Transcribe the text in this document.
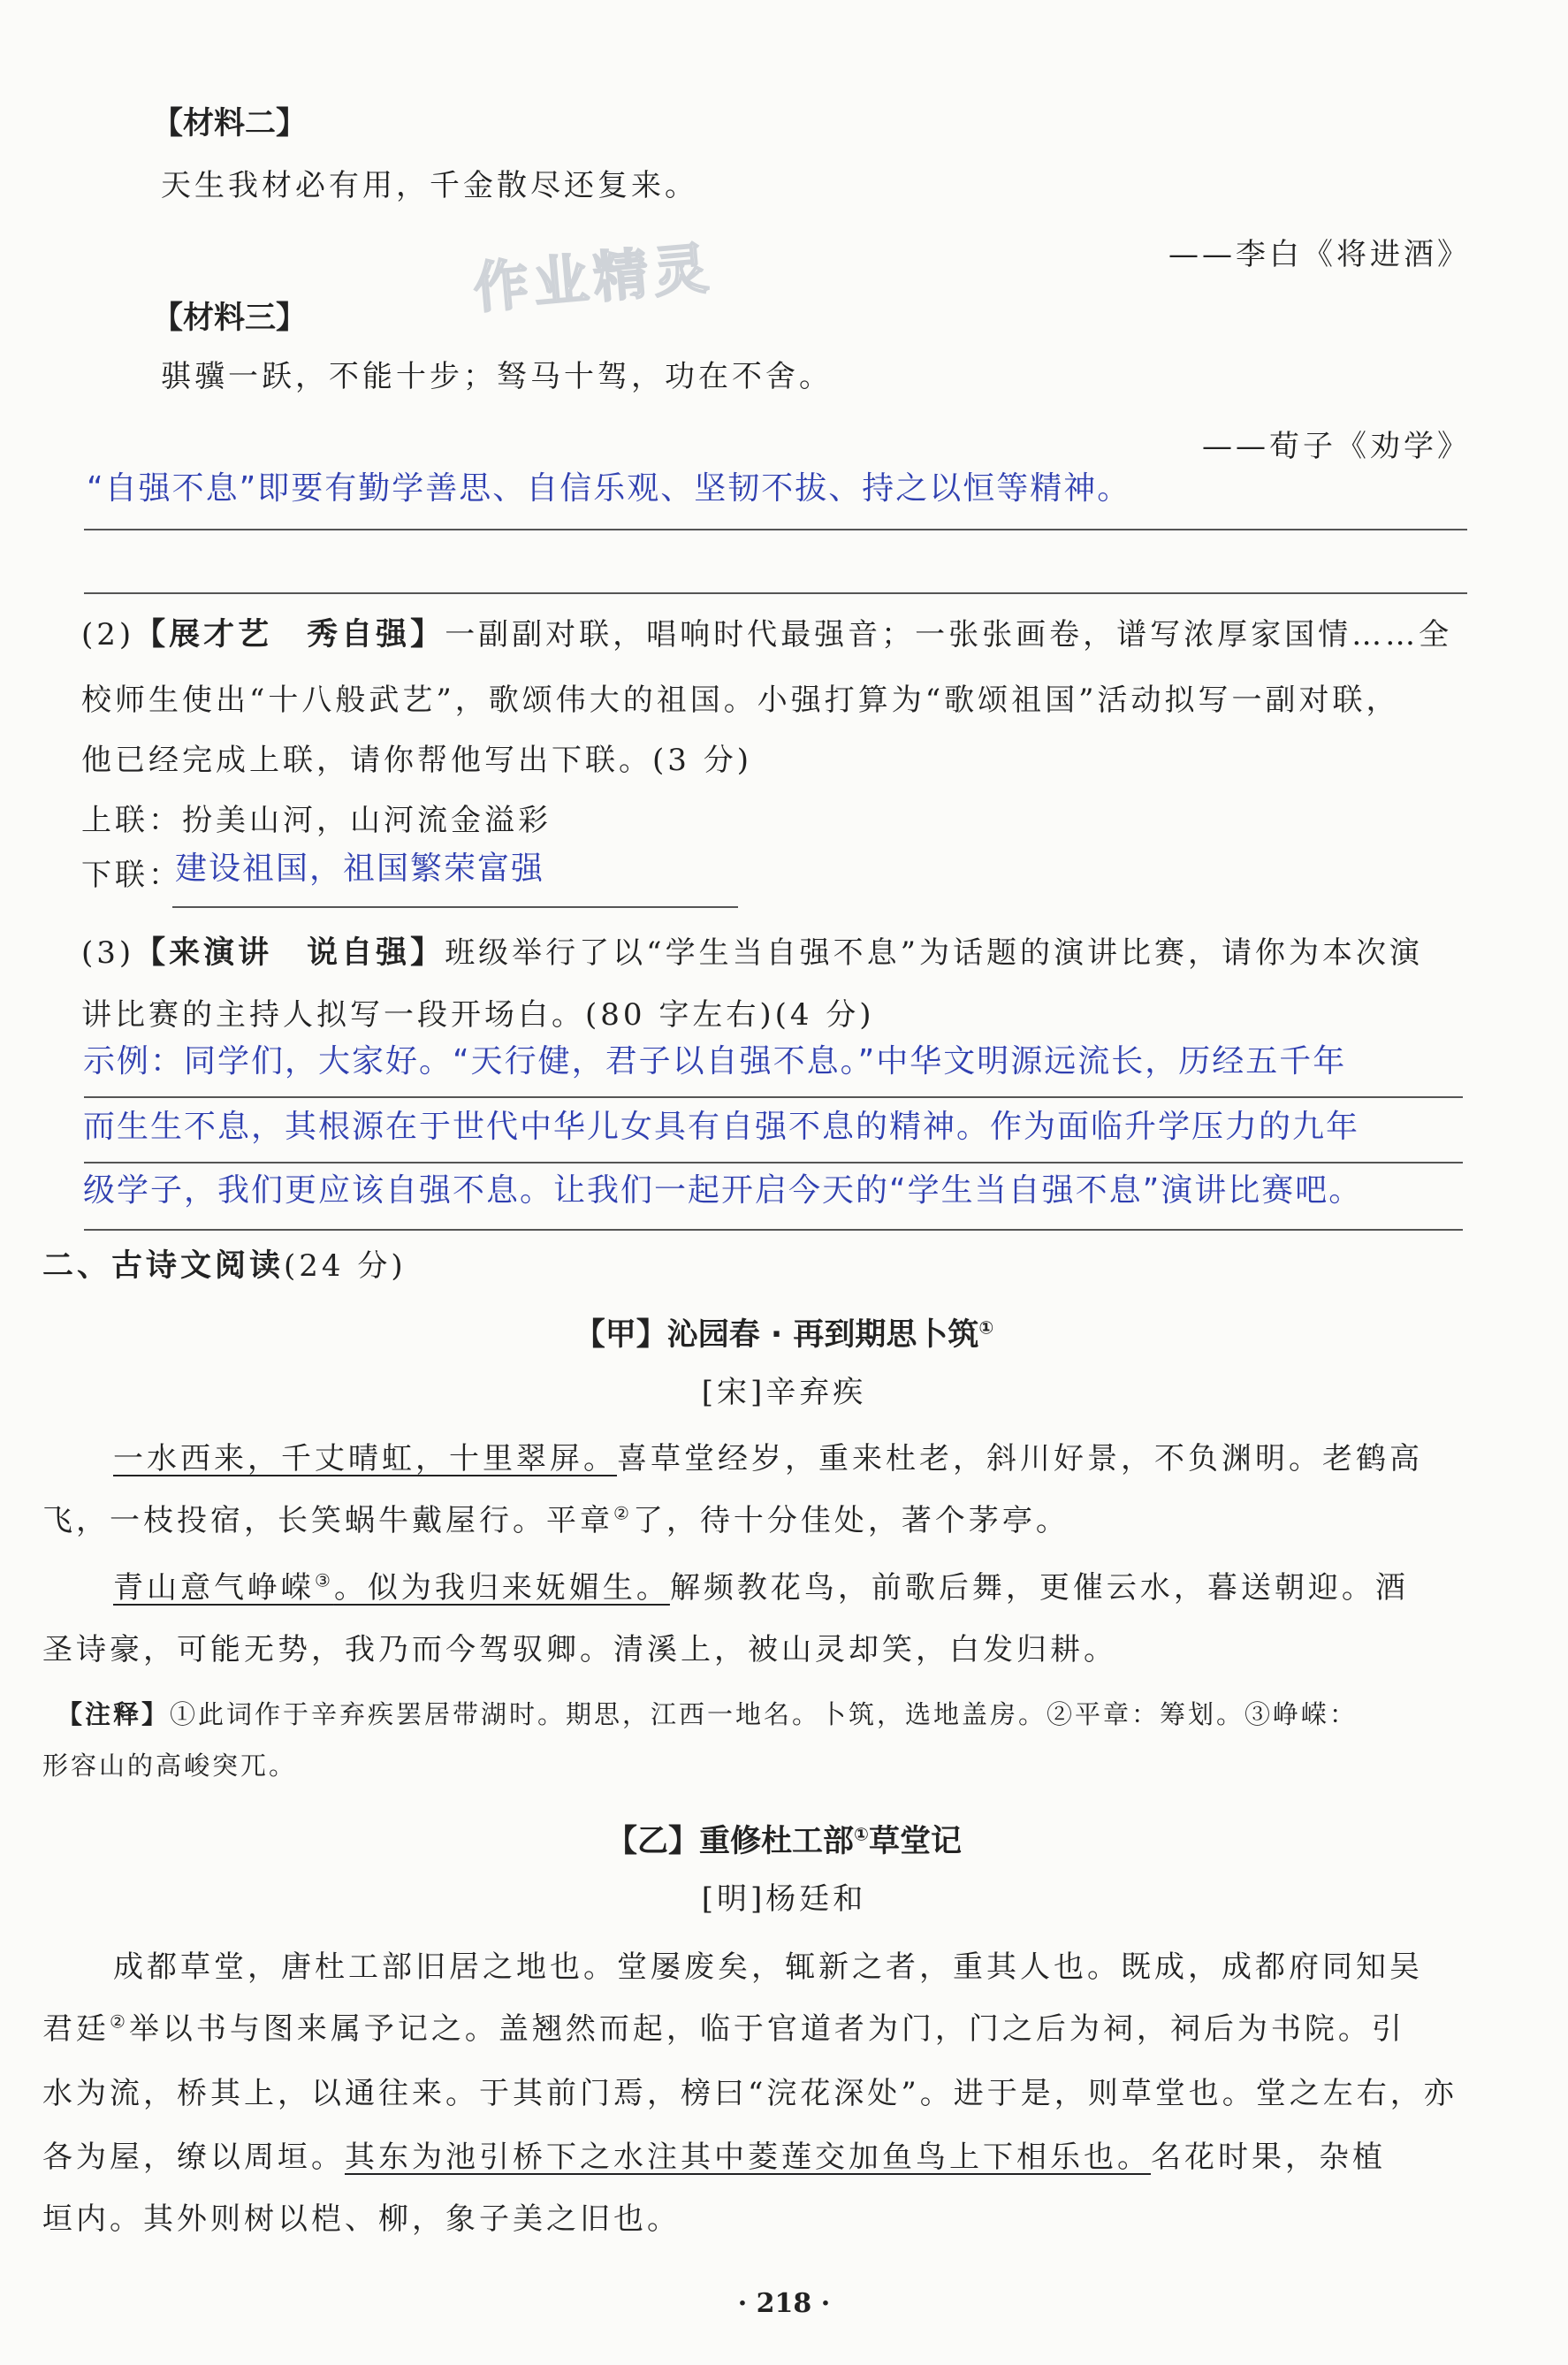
【材料二】
天生我材必有用，千金散尽还复来。
作业精灵	——李白《将进酒》
【材料三】
骐骥一跃，不能十步；驽马十驾，功在不舍。
——荀子《劝学》
“自强不息”即要有勤学善思、自信乐观、坚韧不拔、持之以恒等精神。
(2)【展才艺　秀自强】一副副对联，唱响时代最强音；一张张画卷，谱写浓厚家国情……全
校师生使出“十八般武艺”，歌颂伟大的祖国。小强打算为“歌颂祖国”活动拟写一副对联，
他已经完成上联，请你帮他写出下联。(3 分)
上联：扮美山河，山河流金溢彩
下联：
建设祖国，祖国繁荣富强
(3)【来演讲　说自强】班级举行了以“学生当自强不息”为话题的演讲比赛，请你为本次演
讲比赛的主持人拟写一段开场白。(80 字左右)(4 分)
示例：同学们，大家好。“天行健，君子以自强不息。”中华文明源远流长，历经五千年
而生生不息，其根源在于世代中华儿女具有自强不息的精神。作为面临升学压力的九年
级学子，我们更应该自强不息。让我们一起开启今天的“学生当自强不息”演讲比赛吧。
二、古诗文阅读(24 分)
【甲】沁园春 · 再到期思卜筑①
[宋]辛弃疾
一水西来，千丈晴虹，十里翠屏。喜草堂经岁，重来杜老，斜川好景，不负渊明。老鹤高
飞，一枝投宿，长笑蜗牛戴屋行。平章②了，待十分佳处，著个茅亭。
青山意气峥嵘③。似为我归来妩媚生。解频教花鸟，前歌后舞，更催云水，暮送朝迎。酒
圣诗豪，可能无势，我乃而今驾驭卿。清溪上，被山灵却笑，白发归耕。
【注释】①此词作于辛弃疾罢居带湖时。期思，江西一地名。卜筑，选地盖房。②平章：筹划。③峥嵘：
形容山的高峻突兀。
【乙】重修杜工部①草堂记
[明]杨廷和
成都草堂，唐杜工部旧居之地也。堂屡废矣，辄新之者，重其人也。既成，成都府同知吴
君廷②举以书与图来属予记之。盖翘然而起，临于官道者为门，门之后为祠，祠后为书院。引
水为流，桥其上，以通往来。于其前门焉，榜曰“浣花深处”。进于是，则草堂也。堂之左右，亦
各为屋，缭以周垣。其东为池引桥下之水注其中菱莲交加鱼鸟上下相乐也。名花时果，杂植
垣内。其外则树以桤、柳，象子美之旧也。
· 218 ·
